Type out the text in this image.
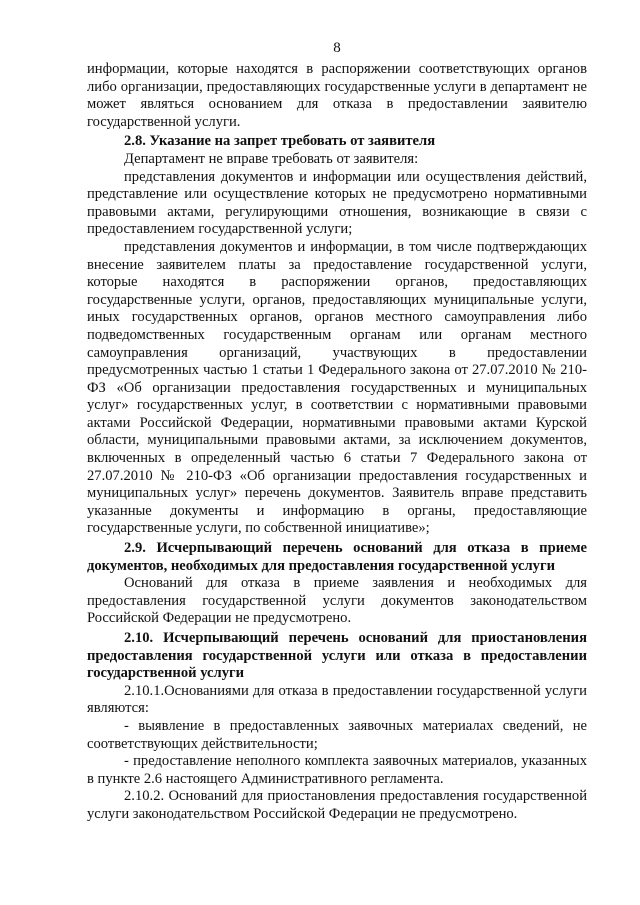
8

информации, которые находятся в распоряжении соответствующих органов либо организации, предоставляющих государственные услуги в департамент не может являться основанием для отказа в предоставлении заявителю государственной услуги.

2.8. Указание на запрет требовать от заявителя

Департамент не вправе требовать от заявителя:

представления документов и информации или осуществления действий, представление или осуществление которых не предусмотрено нормативными правовыми актами, регулирующими отношения, возникающие в связи с предоставлением государственной услуги;

представления документов и информации, в том числе подтверждающих внесение заявителем платы за предоставление государственной услуги, которые находятся в распоряжении органов, предоставляющих государственные услуги, органов, предоставляющих муниципальные услуги, иных государственных органов, органов местного самоуправления либо подведомственных государственным органам или органам местного самоуправления организаций, участвующих в предоставлении предусмотренных частью 1 статьи 1 Федерального закона от 27.07.2010 № 210-ФЗ «Об организации предоставления государственных и муниципальных услуг» государственных услуг, в соответствии с нормативными правовыми актами Российской Федерации, нормативными правовыми актами Курской области, муниципальными правовыми актами, за исключением документов, включенных в определенный частью 6 статьи 7 Федерального закона от 27.07.2010 № 210-ФЗ «Об организации предоставления государственных и муниципальных услуг» перечень документов. Заявитель вправе представить указанные документы и информацию в органы, предоставляющие государственные услуги, по собственной инициативе»;

2.9. Исчерпывающий перечень оснований для отказа в приеме документов, необходимых для предоставления государственной услуги

Оснований для отказа в приеме заявления и необходимых для предоставления государственной услуги документов законодательством Российской Федерации не предусмотрено.

2.10. Исчерпывающий перечень оснований для приостановления предоставления государственной услуги или отказа в предоставлении государственной услуги

2.10.1.Основаниями для отказа в предоставлении государственной услуги являются:

- выявление в предоставленных заявочных материалах сведений, не соответствующих действительности;

- предоставление неполного комплекта заявочных материалов, указанных в пункте 2.6 настоящего Административного регламента.

2.10.2. Оснований для приостановления предоставления государственной услуги законодательством Российской Федерации не предусмотрено.
